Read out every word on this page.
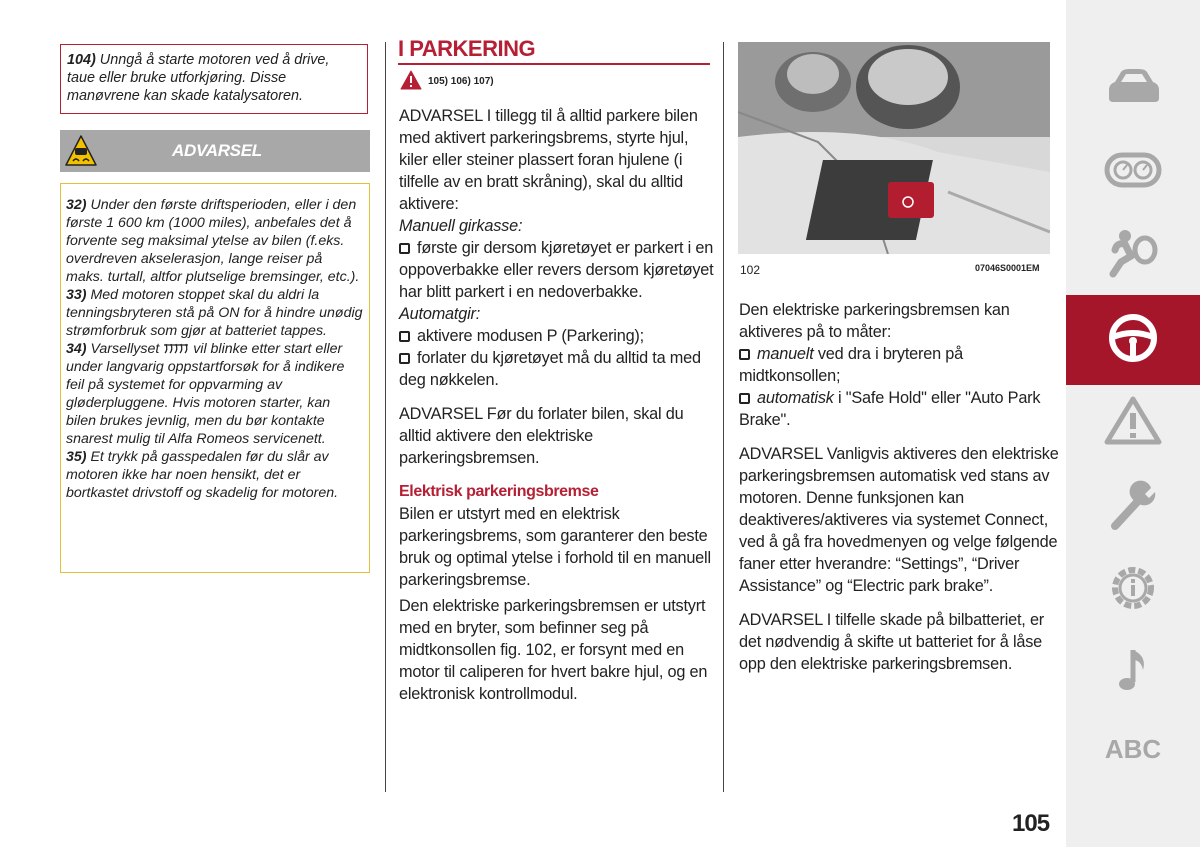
104) Unngå å starte motoren ved å drive, taue eller bruke utforkjøring. Disse manøvrene kan skade katalysatoren.
ADVARSEL

32) Under den første driftsperioden, eller i den første 1 600 km (1000 miles), anbefales det å forvente seg maksimal ytelse av bilen (f.eks. overdreven akselerasjon, lange reiser på maks. turtall, altfor plutselige bremsinger, etc.).

33) Med motoren stoppet skal du aldri la tenningsbryteren stå på ON for å hindre unødig strømforbruk som gjør at batteriet tappes.

34) Varsellyset  vil blinke etter start eller under langvarig oppstartforsøk for å indikere feil på systemet for oppvarming av gløderpluggene. Hvis motoren starter, kan bilen brukes jevnlig, men du bør kontakte snarest mulig til Alfa Romeos servicenett.

35) Et trykk på gasspedalen før du slår av motoren ikke har noen hensikt, det er bortkastet drivstoff og skadelig for motoren.

I PARKERING
105) 106) 107)

ADVARSEL I tillegg til å alltid parkere bilen med aktivert parkeringsbrems, styrte hjul, kiler eller steiner plassert foran hjulene (i tilfelle av en bratt skråning), skal du alltid aktivere:

Manuell girkasse:

første gir dersom kjøretøyet er parkert i en oppoverbakke eller revers dersom kjøretøyet har blitt parkert i en nedoverbakke.

Automatgir:

aktivere modusen P (Parkering);

forlater du kjøretøyet må du alltid ta med deg nøkkelen.

ADVARSEL Før du forlater bilen, skal du alltid aktivere den elektriske parkeringsbremsen.

Elektrisk parkeringsbremse

Bilen er utstyrt med en elektrisk parkeringsbrems, som garanterer den beste bruk og optimal ytelse i forhold til en manuell parkeringsbremse.

Den elektriske parkeringsbremsen er utstyrt med en bryter, som befinner seg på midtkonsollen fig. 102, er forsynt med en motor til caliperen for hvert bakre hjul, og en elektronisk kontrollmodul.

102	07046S0001EM

Den elektriske parkeringsbremsen kan aktiveres på to måter:

manuelt ved dra i bryteren på midtkonsollen;

automatisk i "Safe Hold" eller "Auto Park Brake".

ADVARSEL Vanligvis aktiveres den elektriske parkeringsbremsen automatisk ved stans av motoren. Denne funksjonen kan deaktiveres/aktiveres via systemet Connect, ved å gå fra hovedmenyen og velge følgende faner etter hverandre: “Settings”, “Driver Assistance” og “Electric park brake”.

ADVARSEL I tilfelle skade på bilbatteriet, er det nødvendig å skifte ut batteriet for å låse opp den elektriske parkeringsbremsen.

105
ABC
